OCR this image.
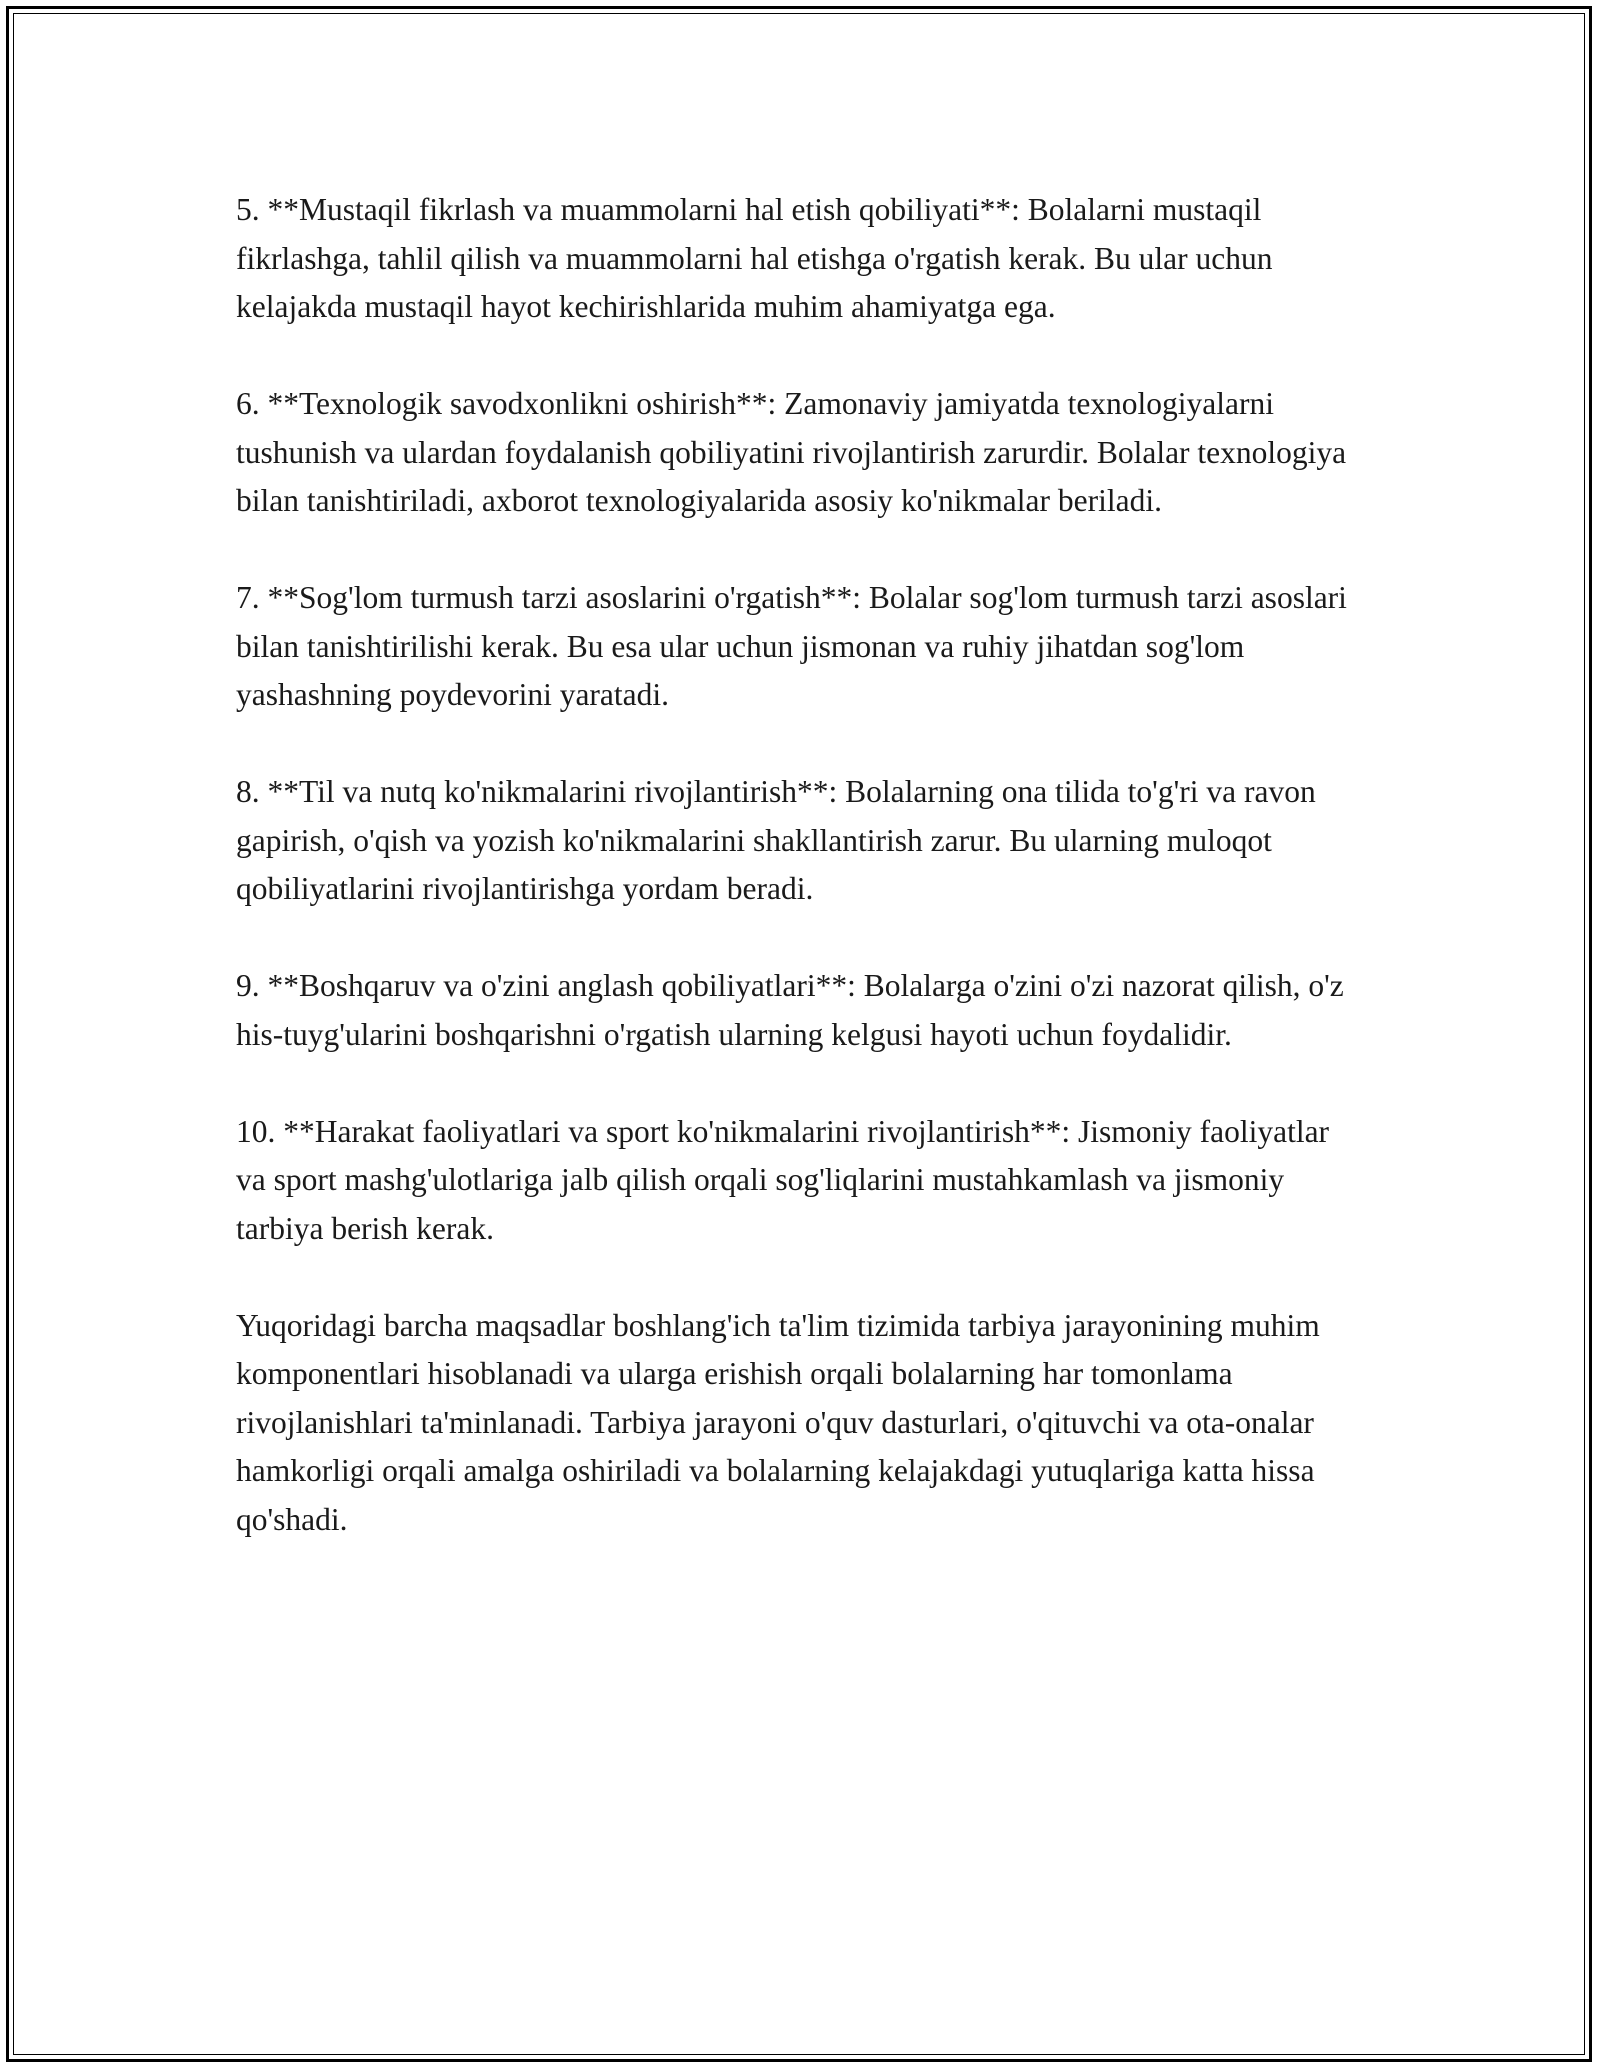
5. **Mustaqil fikrlash va muammolarni hal etish qobiliyati**: Bolalarni mustaqil fikrlashga, tahlil qilish va muammolarni hal etishga o'rgatish kerak. Bu ular uchun kelajakda mustaqil hayot kechirishlarida muhim ahamiyatga ega.

6. **Texnologik savodxonlikni oshirish**: Zamonaviy jamiyatda texnologiyalarni tushunish va ulardan foydalanish qobiliyatini rivojlantirish zarurdir. Bolalar texnologiya bilan tanishtiriladi, axborot texnologiyalarida asosiy ko'nikmalar beriladi.

7. **Sog'lom turmush tarzi asoslarini o'rgatish**: Bolalar sog'lom turmush tarzi asoslari bilan tanishtirilishi kerak. Bu esa ular uchun jismonan va ruhiy jihatdan sog'lom yashashning poydevorini yaratadi.

8. **Til va nutq ko'nikmalarini rivojlantirish**: Bolalarning ona tilida to'g'ri va ravon gapirish, o'qish va yozish ko'nikmalarini shakllantirish zarur. Bu ularning muloqot qobiliyatlarini rivojlantirishga yordam beradi.

9. **Boshqaruv va o'zini anglash qobiliyatlari**: Bolalarga o'zini o'zi nazorat qilish, o'z his-tuyg'ularini boshqarishni o'rgatish ularning kelgusi hayoti uchun foydalidir.

10. **Harakat faoliyatlari va sport ko'nikmalarini rivojlantirish**: Jismoniy faoliyatlar va sport mashg'ulotlariga jalb qilish orqali sog'liqlarini mustahkamlash va jismoniy tarbiya berish kerak.

Yuqoridagi barcha maqsadlar boshlang'ich ta'lim tizimida tarbiya jarayonining muhim komponentlari hisoblanadi va ularga erishish orqali bolalarning har tomonlama rivojlanishlari ta'minlanadi. Tarbiya jarayoni o'quv dasturlari, o'qituvchi va ota-onalar hamkorligi orqali amalga oshiriladi va bolalarning kelajakdagi yutuqlariga katta hissa qo'shadi.
